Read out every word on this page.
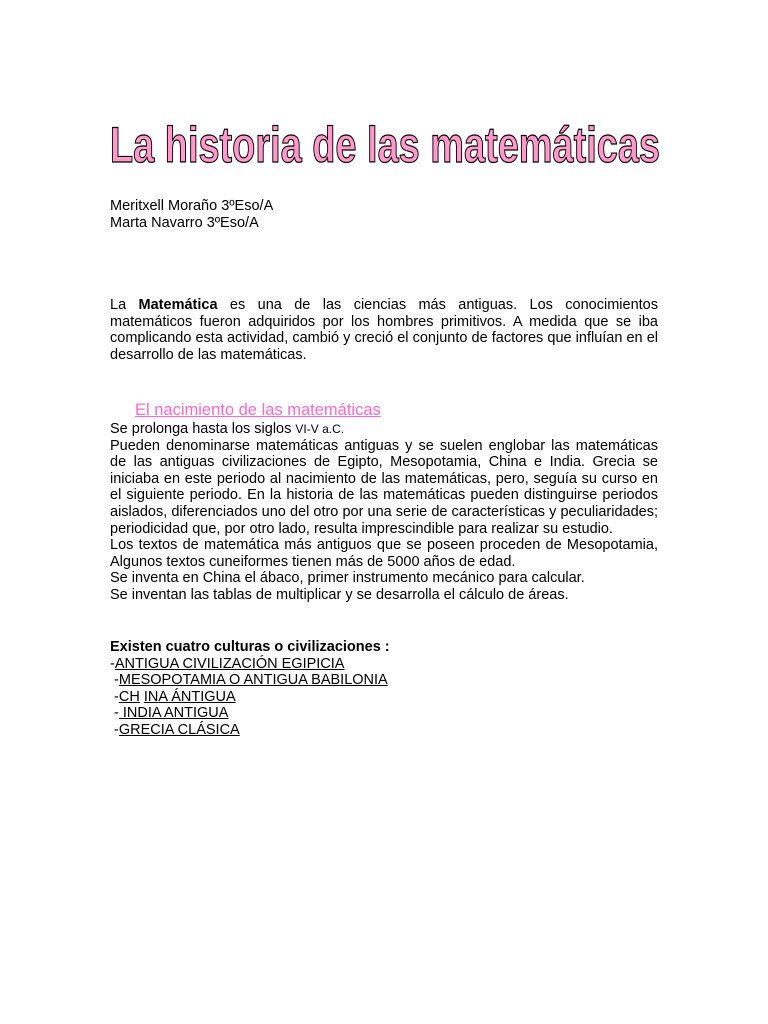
La historia de las matemáticas
Meritxell Moraño 3ºEso/A
Marta Navarro 3ºEso/A
La Matemática es una de las ciencias más antiguas. Los conocimientos matemáticos fueron adquiridos por los hombres primitivos. A medida que se iba complicando esta actividad, cambió y creció el conjunto de factores que influían en el desarrollo de las matemáticas.
El nacimiento de las matemáticas

Se prolonga hasta los siglos VI-V a.C.

Pueden denominarse matemáticas antiguas y se suelen englobar las matemáticas de las antiguas civilizaciones de Egipto, Mesopotamia, China e India. Grecia se iniciaba en este periodo al nacimiento de las matemáticas, pero, seguía su curso en el siguiente periodo. En la historia de las matemáticas pueden distinguirse periodos aislados, diferenciados uno del otro por una serie de características y peculiaridades; periodicidad que, por otro lado, resulta imprescindible para realizar su estudio.

Los textos de matemática más antiguos que se poseen proceden de Mesopotamia, Algunos textos cuneiformes tienen más de 5000 años de edad.

Se inventa en China el ábaco, primer instrumento mecánico para calcular.

Se inventan las tablas de multiplicar y se desarrolla el cálculo de áreas.

Existen cuatro culturas o civilizaciones :
-ANTIGUA CIVILIZACIÓN EGIPICIA
-MESOPOTAMIA O ANTIGUA BABILONIA
-CH INA ÁNTIGUA
- INDIA ANTIGUA
-GRECIA CLÁSICA
